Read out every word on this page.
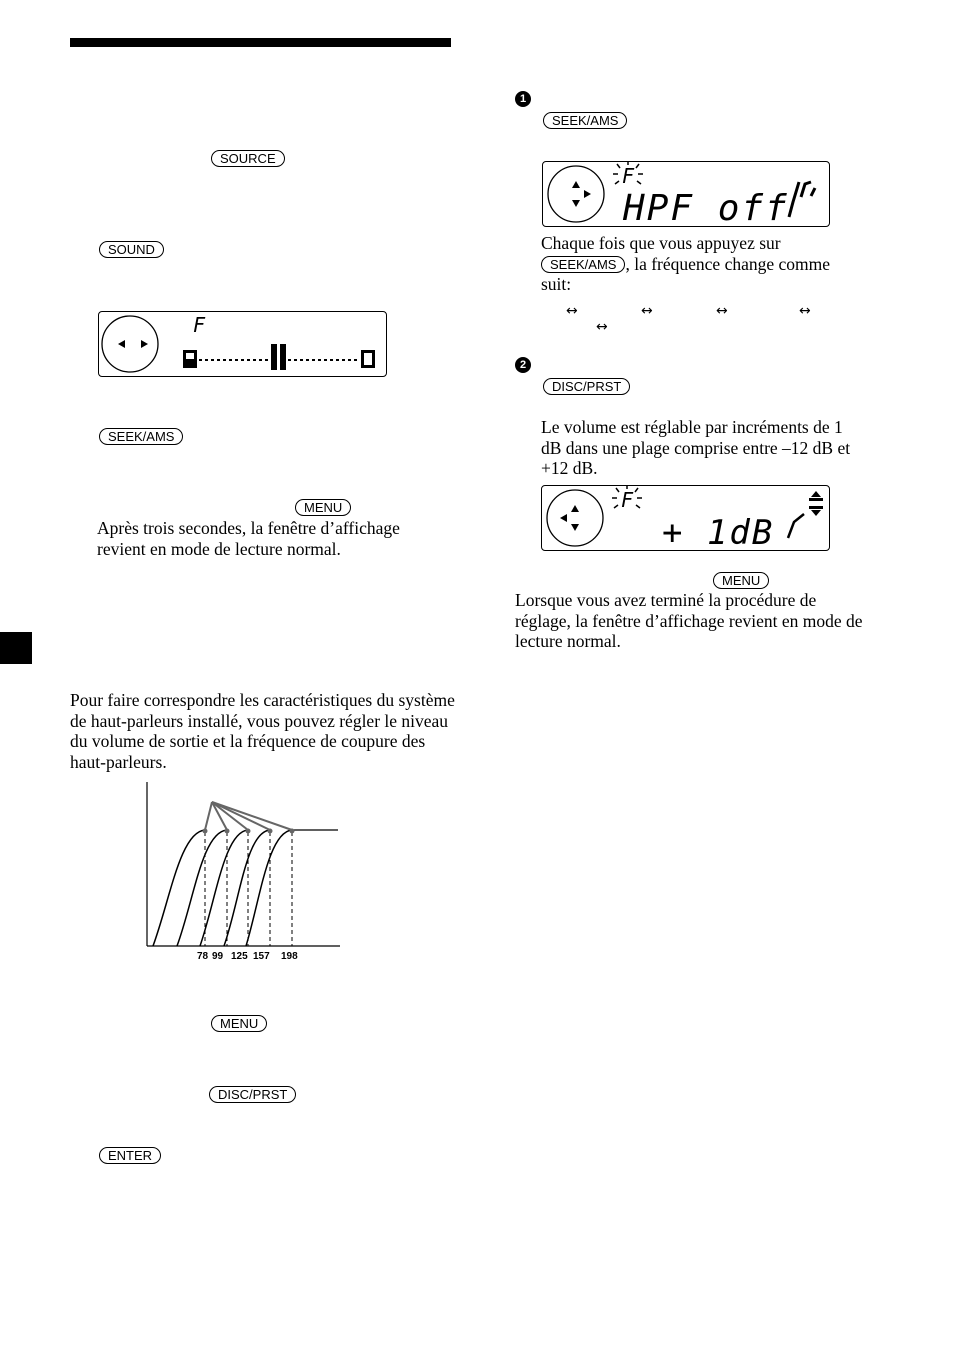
SOURCE
SOUND
F
SEEK/AMS
MENU
Après trois secondes, la fenêtre d’affichage revient en mode de lecture normal.
Pour faire correspondre les caractéristiques du système de haut-parleurs installé, vous pouvez régler le niveau du volume de sortie et la fréquence de coupure des haut-parleurs.
78 99 125 157 198
MENU
DISC/PRST
ENTER
1
SEEK/AMS
F
HPF off
Chaque fois que vous appuyez sur
SEEK/AMS , la fréquence change comme suit:
↔	↔	↔	↔
↔
2
DISC/PRST
Le volume est réglable par incréments de 1 dB dans une plage comprise entre –12 dB et +12 dB.
F
+ 1dB
MENU
Lorsque vous avez terminé la procédure de réglage, la fenêtre d’affichage revient en mode de lecture normal.
